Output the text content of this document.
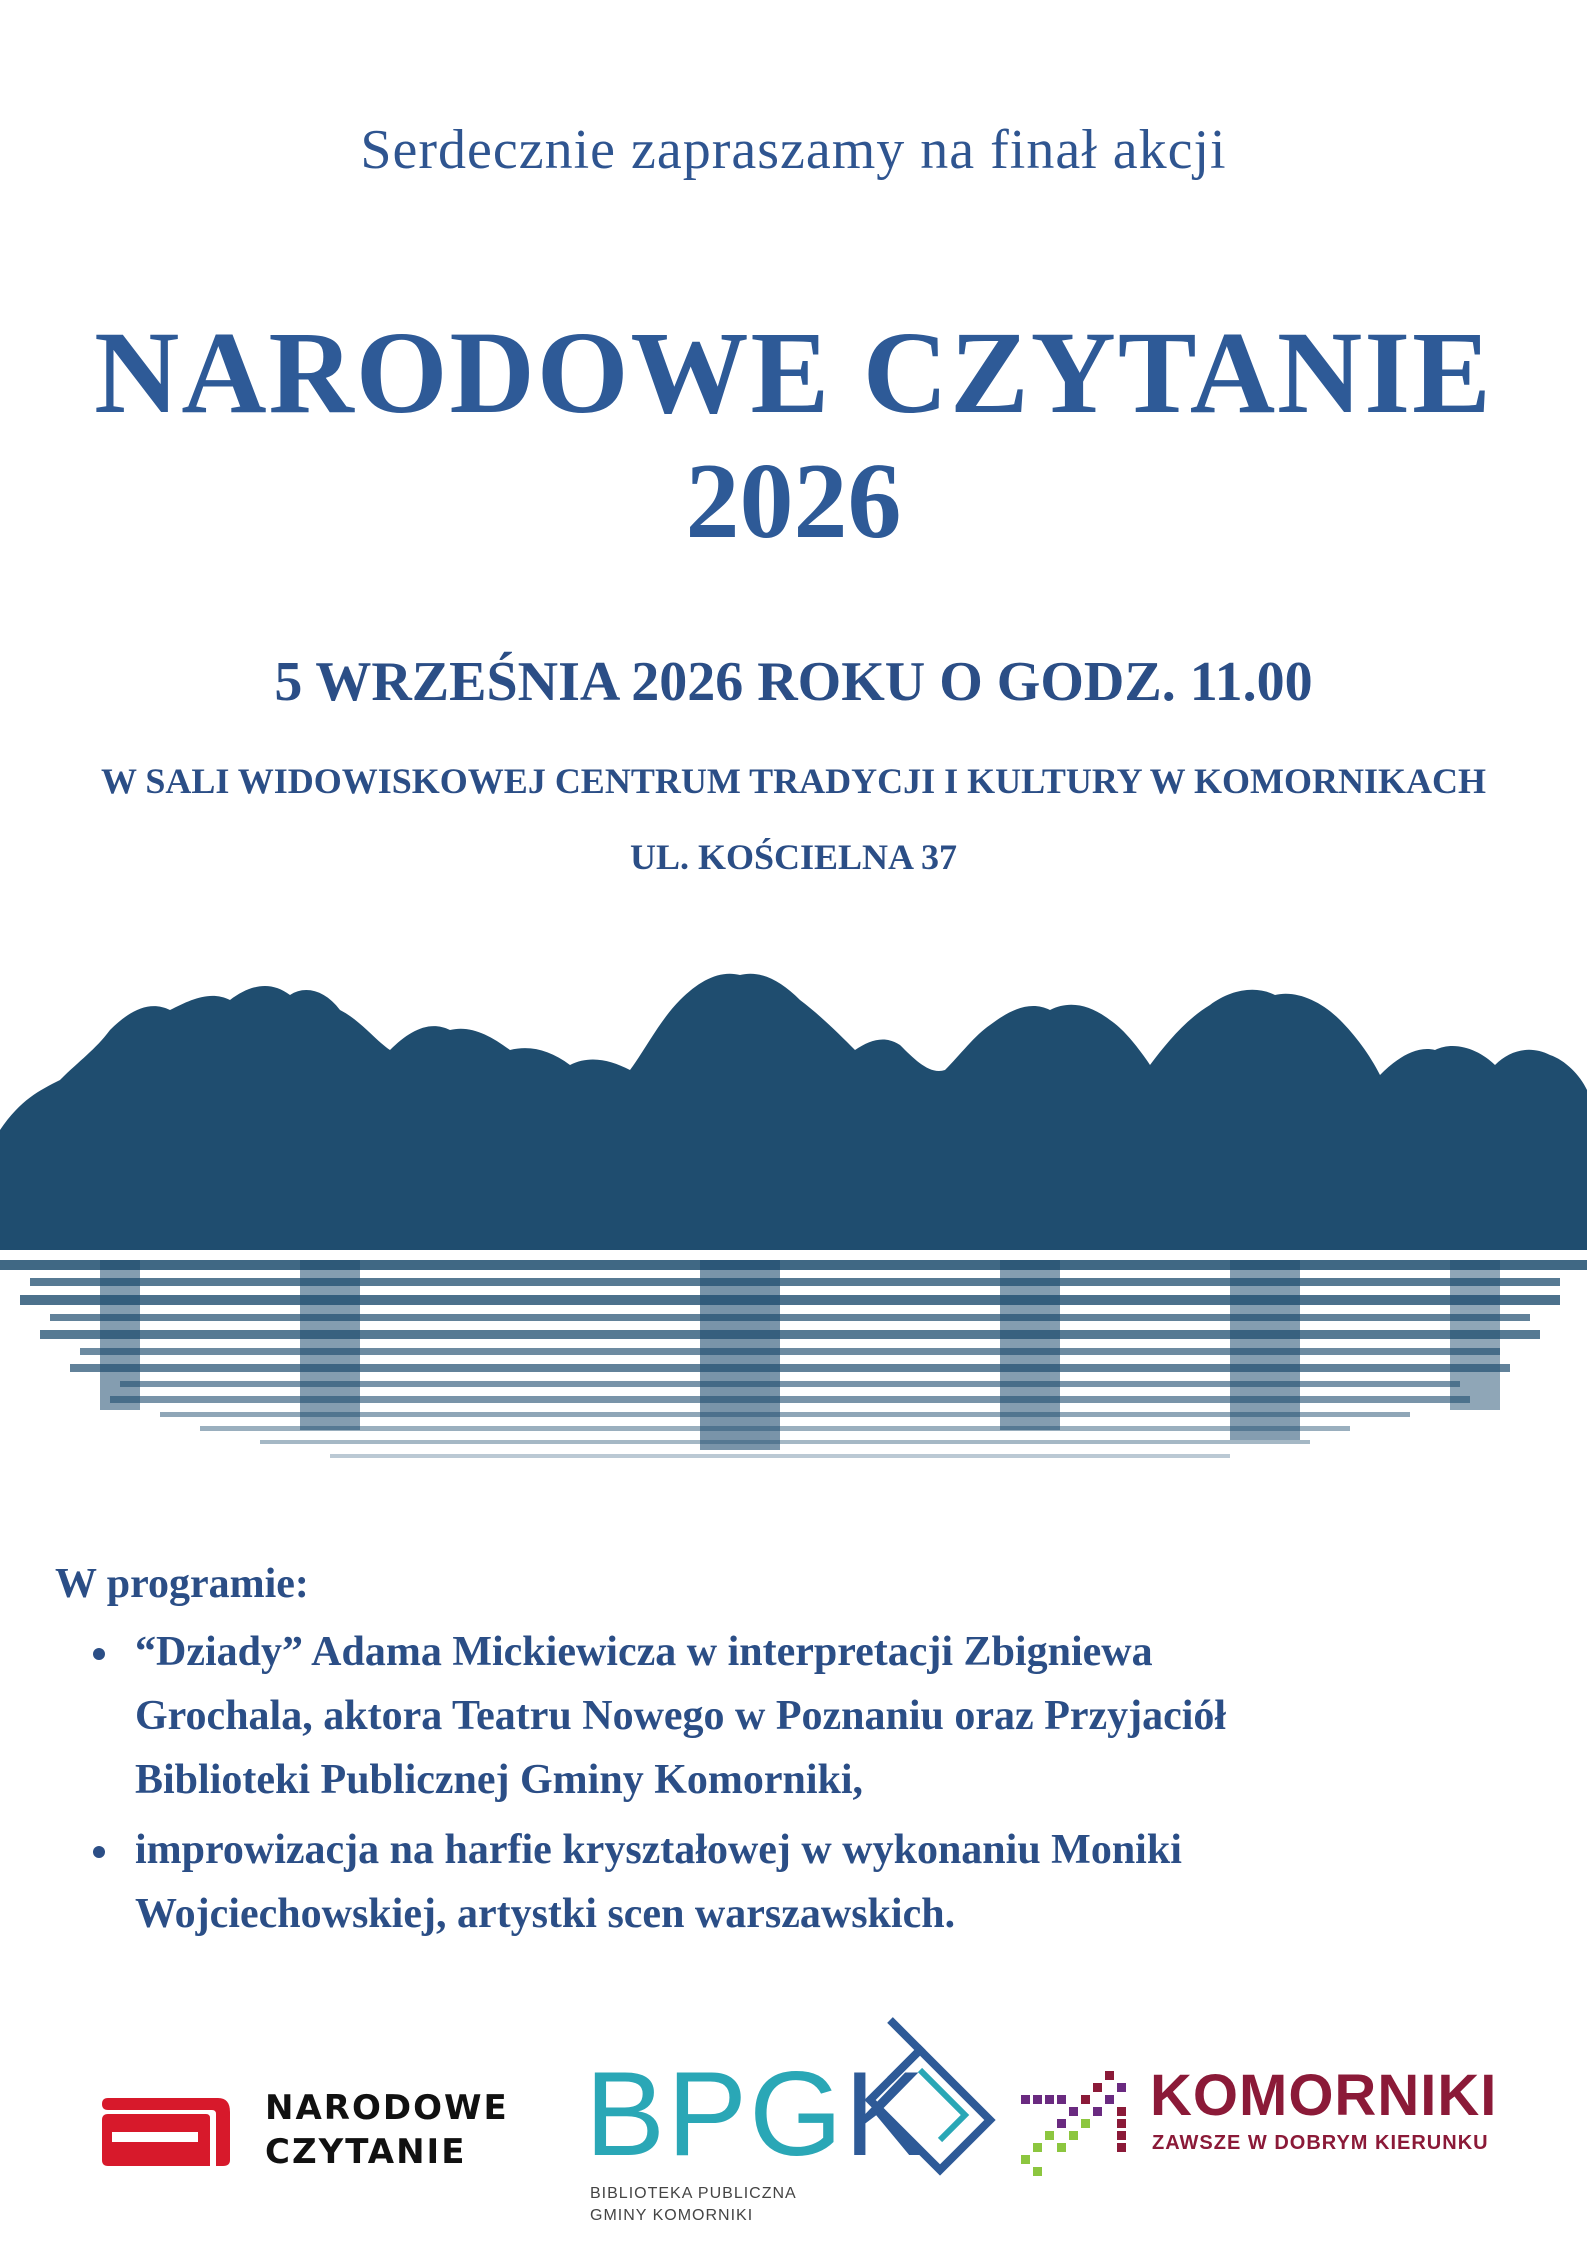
Serdecznie zapraszamy na finał akcji
NARODOWE CZYTANIE
2026
5 WRZEŚNIA 2026 ROKU O GODZ. 11.00
W SALI WIDOWISKOWEJ CENTRUM TRADYCJI I KULTURY W KOMORNIKACH
UL. KOŚCIELNA 37
W programie:
“Dziady” Adama Mickiewicza w interpretacji Zbigniewa
Grochala, aktora Teatru Nowego w Poznaniu oraz Przyjaciół
Biblioteki Publicznej Gminy Komorniki,
improwizacja na harfie kryształowej w wykonaniu Moniki
Wojciechowskiej, artystki scen warszawskich.
NARODOWE
CZYTANIE BPGK
BIBLIOTEKA PUBLICZNA
GMINY KOMORNIKI
KOMORNIKI
ZAWSZE W DOBRYM KIERUNKU
